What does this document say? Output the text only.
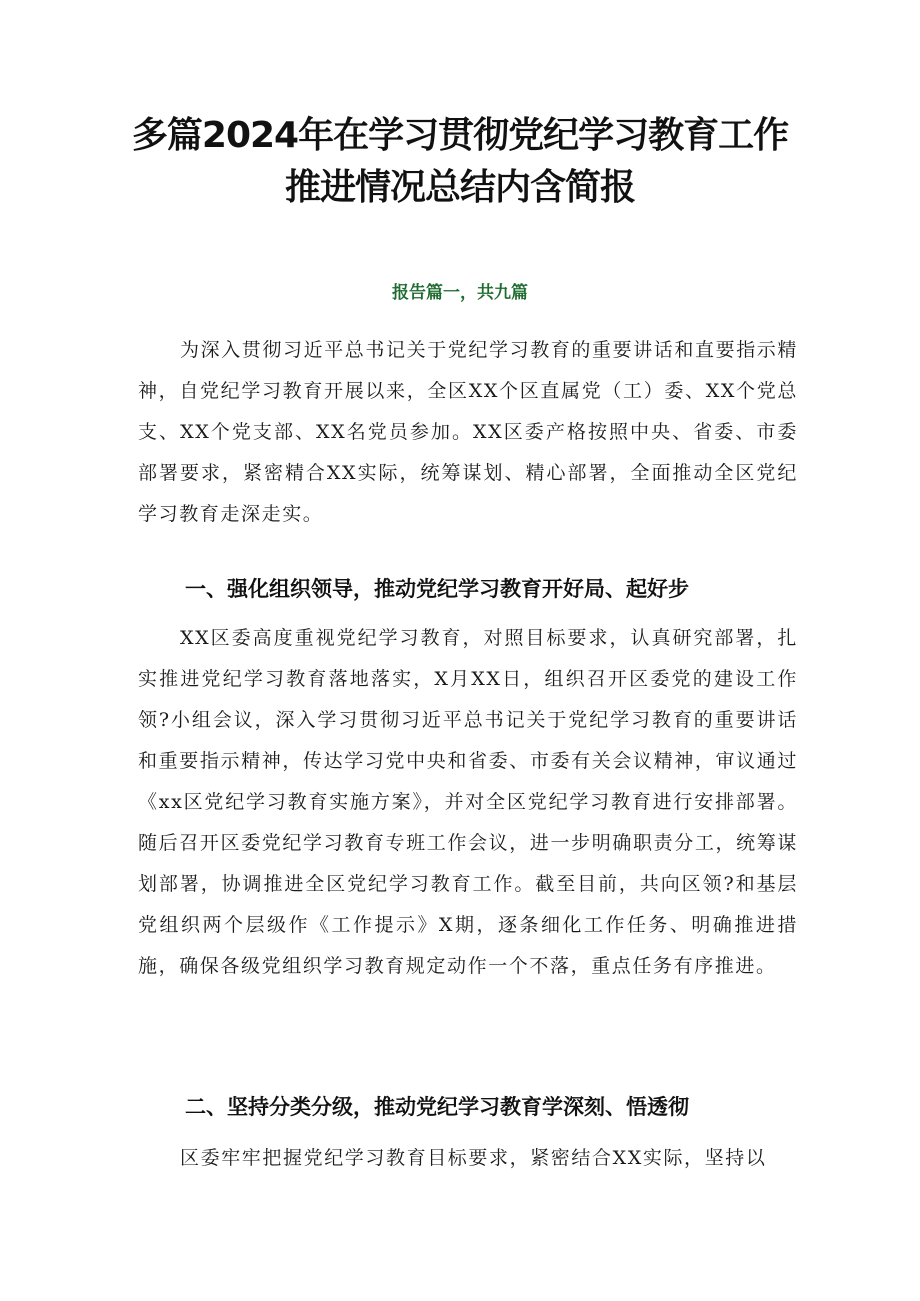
多篇2024年在学习贯彻党纪学习教育工作
推进情况总结内含简报
报告篇一，共九篇

为深入贯彻习近平总书记关于党纪学习教育的重要讲话和直要指示精神，自党纪学习教育开展以来，全区XX个区直属党（工）委、XX个党总支、XX个党支部、XX名党员参加。XX区委产格按照中央、省委、市委部署要求，紧密精合XX实际，统筹谋划、精心部署，全面推动全区党纪学习教育走深走实。

一、强化组织领导，推动党纪学习教育开好局、起好步

XX区委高度重视党纪学习教育，对照目标要求，认真研究部署，扎实推进党纪学习教育落地落实，X月XX日，组织召开区委党的建设工作领?小组会议，深入学习贯彻习近平总书记关于党纪学习教育的重要讲话和重要指示精神，传达学习党中央和省委、市委有关会议精神，审议通过《xx区党纪学习教育实施方案》，并对全区党纪学习教育进行安排部署。随后召开区委党纪学习教育专班工作会议，进一步明确职责分工，统筹谋划部署，协调推进全区党纪学习教育工作。截至目前，共向区领?和基层党组织两个层级作《工作提示》X期，逐条细化工作任务、明确推进措施，确保各级党组织学习教育规定动作一个不落，重点任务有序推进。

二、坚持分类分级，推动党纪学习教育学深刻、悟透彻

区委牢牢把握党纪学习教育目标要求，紧密结合XX实际，坚持以
